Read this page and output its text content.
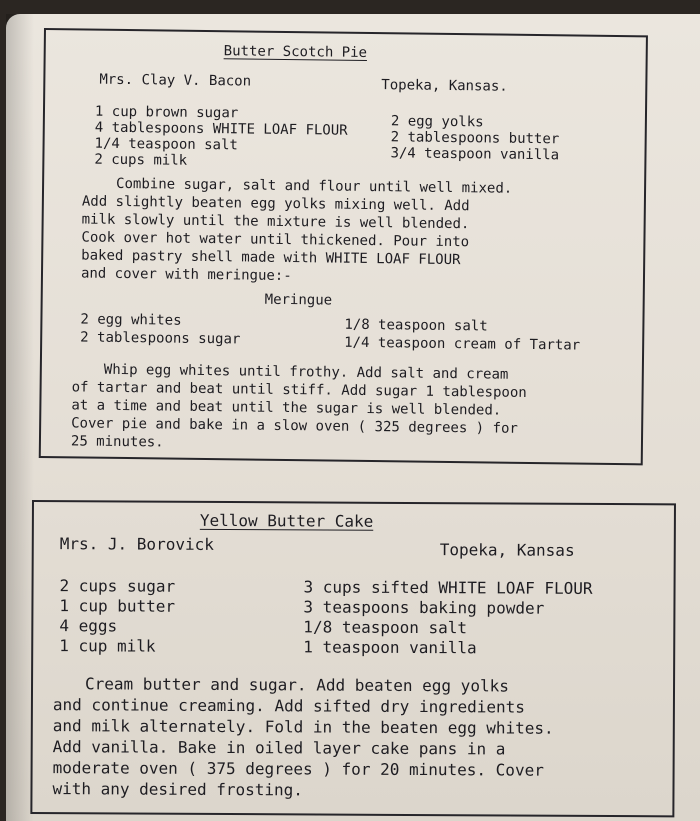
Butter Scotch Pie
Mrs. Clay V. Bacon	Topeka, Kansas.
1 cup brown sugar
4 tablespoons WHITE LOAF FLOUR
1/4 teaspoon salt
2 cups milk
2 egg yolks
2 tablespoons butter
3/4 teaspoon vanilla
Combine sugar, salt and flour until well mixed.
Add slightly beaten egg yolks mixing well. Add
milk slowly until the mixture is well blended.
Cook over hot water until thickened. Pour into
baked pastry shell made with WHITE LOAF FLOUR
and cover with meringue:-
Meringue
2 egg whites
2 tablespoons sugar
1/8 teaspoon salt
1/4 teaspoon cream of Tartar
Whip egg whites until frothy. Add salt and cream
of tartar and beat until stiff. Add sugar 1 tablespoon
at a time and beat until the sugar is well blended.
Cover pie and bake in a slow oven ( 325 degrees ) for
25 minutes.
Yellow Butter Cake
Mrs. J. Borovick	Topeka, Kansas
2 cups sugar
1 cup butter
4 eggs
1 cup milk
3 cups sifted WHITE LOAF FLOUR
3 teaspoons baking powder
1/8 teaspoon salt
1 teaspoon vanilla
Cream butter and sugar. Add beaten egg yolks
and continue creaming. Add sifted dry ingredients
and milk alternately. Fold in the beaten egg whites.
Add vanilla. Bake in oiled layer cake pans in a
moderate oven ( 375 degrees ) for 20 minutes. Cover
with any desired frosting.
